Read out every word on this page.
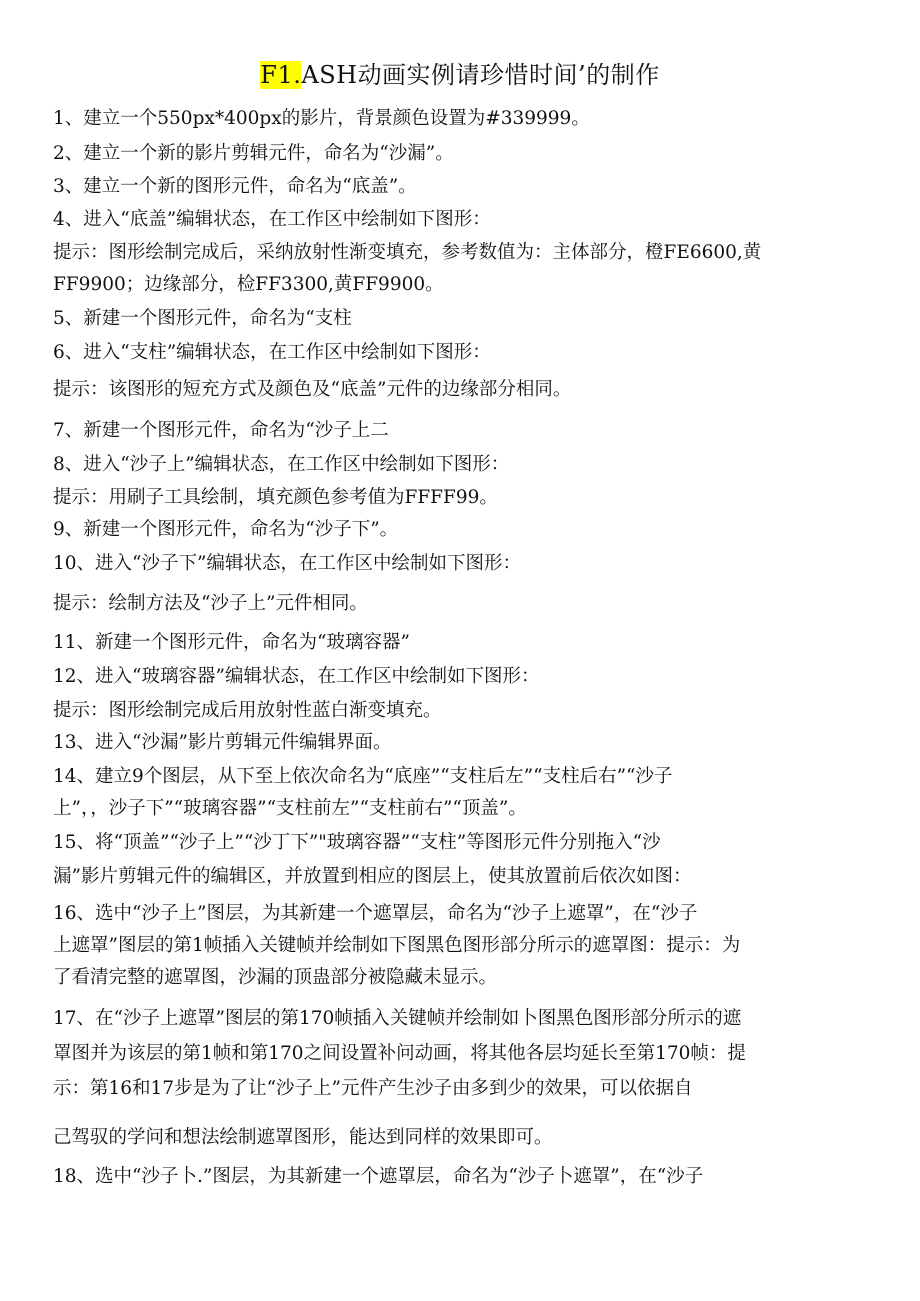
F1.ASH动画实例请珍惜时间’的制作
1、建立一个550px*400px的影片，背景颜色设置为#339999。
2、建立一个新的影片剪辑元件，命名为“沙漏”。
3、建立一个新的图形元件，命名为“底盖”。
4、进入“底盖”编辑状态，在工作区中绘制如下图形：
提示：图形绘制完成后，采纳放射性渐变填充，参考数值为：主体部分，橙FE6600,黄
FF9900；边缘部分，检FF3300,黄FF9900。
5、新建一个图形元件，命名为“支柱
6、进入“支柱”编辑状态，在工作区中绘制如下图形：
提示：该图形的短充方式及颜色及“底盖”元件的边缘部分相同。
7、新建一个图形元件，命名为“沙子上二
8、进入“沙子上”编辑状态，在工作区中绘制如下图形：
提示：用刷子工具绘制，填充颜色参考值为FFFF99。
9、新建一个图形元件，命名为“沙子下”。
10、进入“沙子下”编辑状态，在工作区中绘制如下图形：
提示：绘制方法及“沙子上”元件相同。
11、新建一个图形元件，命名为“玻璃容器”
12、进入“玻璃容器”编辑状态，在工作区中绘制如下图形：
提示：图形绘制完成后用放射性蓝白渐变填充。
13、进入“沙漏”影片剪辑元件编辑界面。
14、建立9个图层，从下至上依次命名为“底座”“支柱后左”“支柱后右”“沙子
上”，，沙子下”“玻璃容器”“支柱前左”“支柱前右”“顶盖”。
15、将“顶盖”“沙子上”“沙丁下”"玻璃容器”“支柱”等图形元件分别拖入“沙
漏”影片剪辑元件的编辑区，并放置到相应的图层上，使其放置前后依次如图：
16、选中“沙子上”图层，为其新建一个遮罩层，命名为“沙子上遮罩”，在“沙子
上遮罩”图层的第1帧插入关键帧并绘制如下图黑色图形部分所示的遮罩图：提示：为
了看清完整的遮罩图，沙漏的顶蛊部分被隐藏未显示。
17、在“沙子上遮罩”图层的第170帧插入关键帧并绘制如卜图黑色图形部分所示的遮
罩图并为该层的第1帧和第170之间设置补问动画，将其他各层均延长至第170帧：提
示：第16和17步是为了让“沙子上”元件产生沙子由多到少的效果，可以依据自
己驾驭的学问和想法绘制遮罩图形，能达到同样的效果即可。
18、选中“沙子卜.”图层，为其新建一个遮罩层，命名为“沙子卜遮罩”，在“沙子
